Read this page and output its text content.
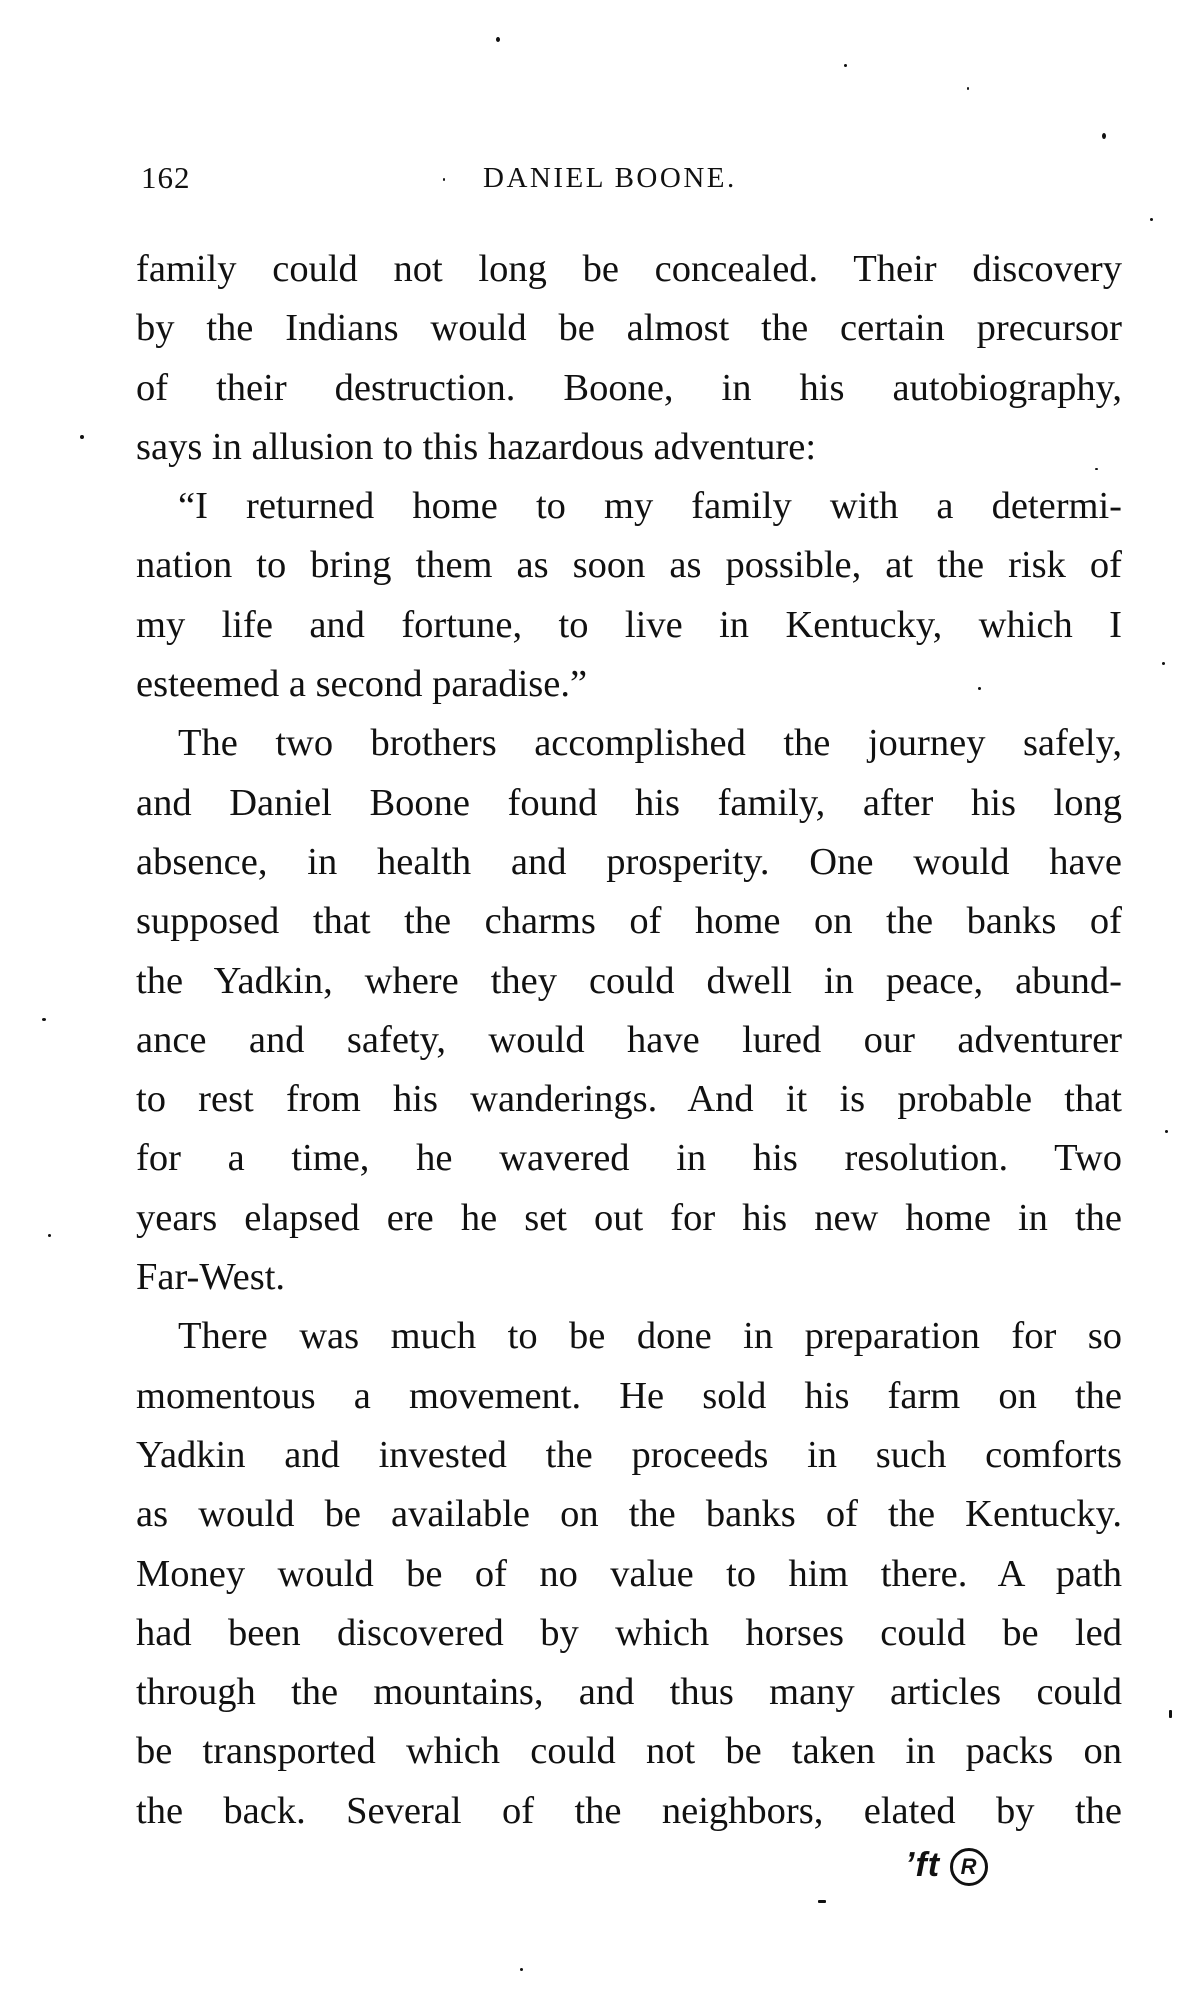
162	DANIEL BOONE.
family could not long be concealed. Their discovery
by the Indians would be almost the certain precursor
of their destruction. Boone, in his autobiography,
says in allusion to this hazardous adventure:
“I returned home to my family with a determi-
nation to bring them as soon as possible, at the risk of
my life and fortune, to live in Kentucky, which I
esteemed a second paradise.”
The two brothers accomplished the journey safely,
and Daniel Boone found his family, after his long
absence, in health and prosperity. One would have
supposed that the charms of home on the banks of
the Yadkin, where they could dwell in peace, abund-
ance and safety, would have lured our adventurer
to rest from his wanderings. And it is probable that
for a time, he wavered in his resolution. Two
years elapsed ere he set out for his new home in the
Far-West.
There was much to be done in preparation for so
momentous a movement. He sold his farm on the
Yadkin and invested the proceeds in such comforts
as would be available on the banks of the Kentucky.
Money would be of no value to him there. A path
had been discovered by which horses could be led
through the mountains, and thus many articles could
be transported which could not be taken in packs on
the back. Several of the neighbors, elated by the
ʼft R
